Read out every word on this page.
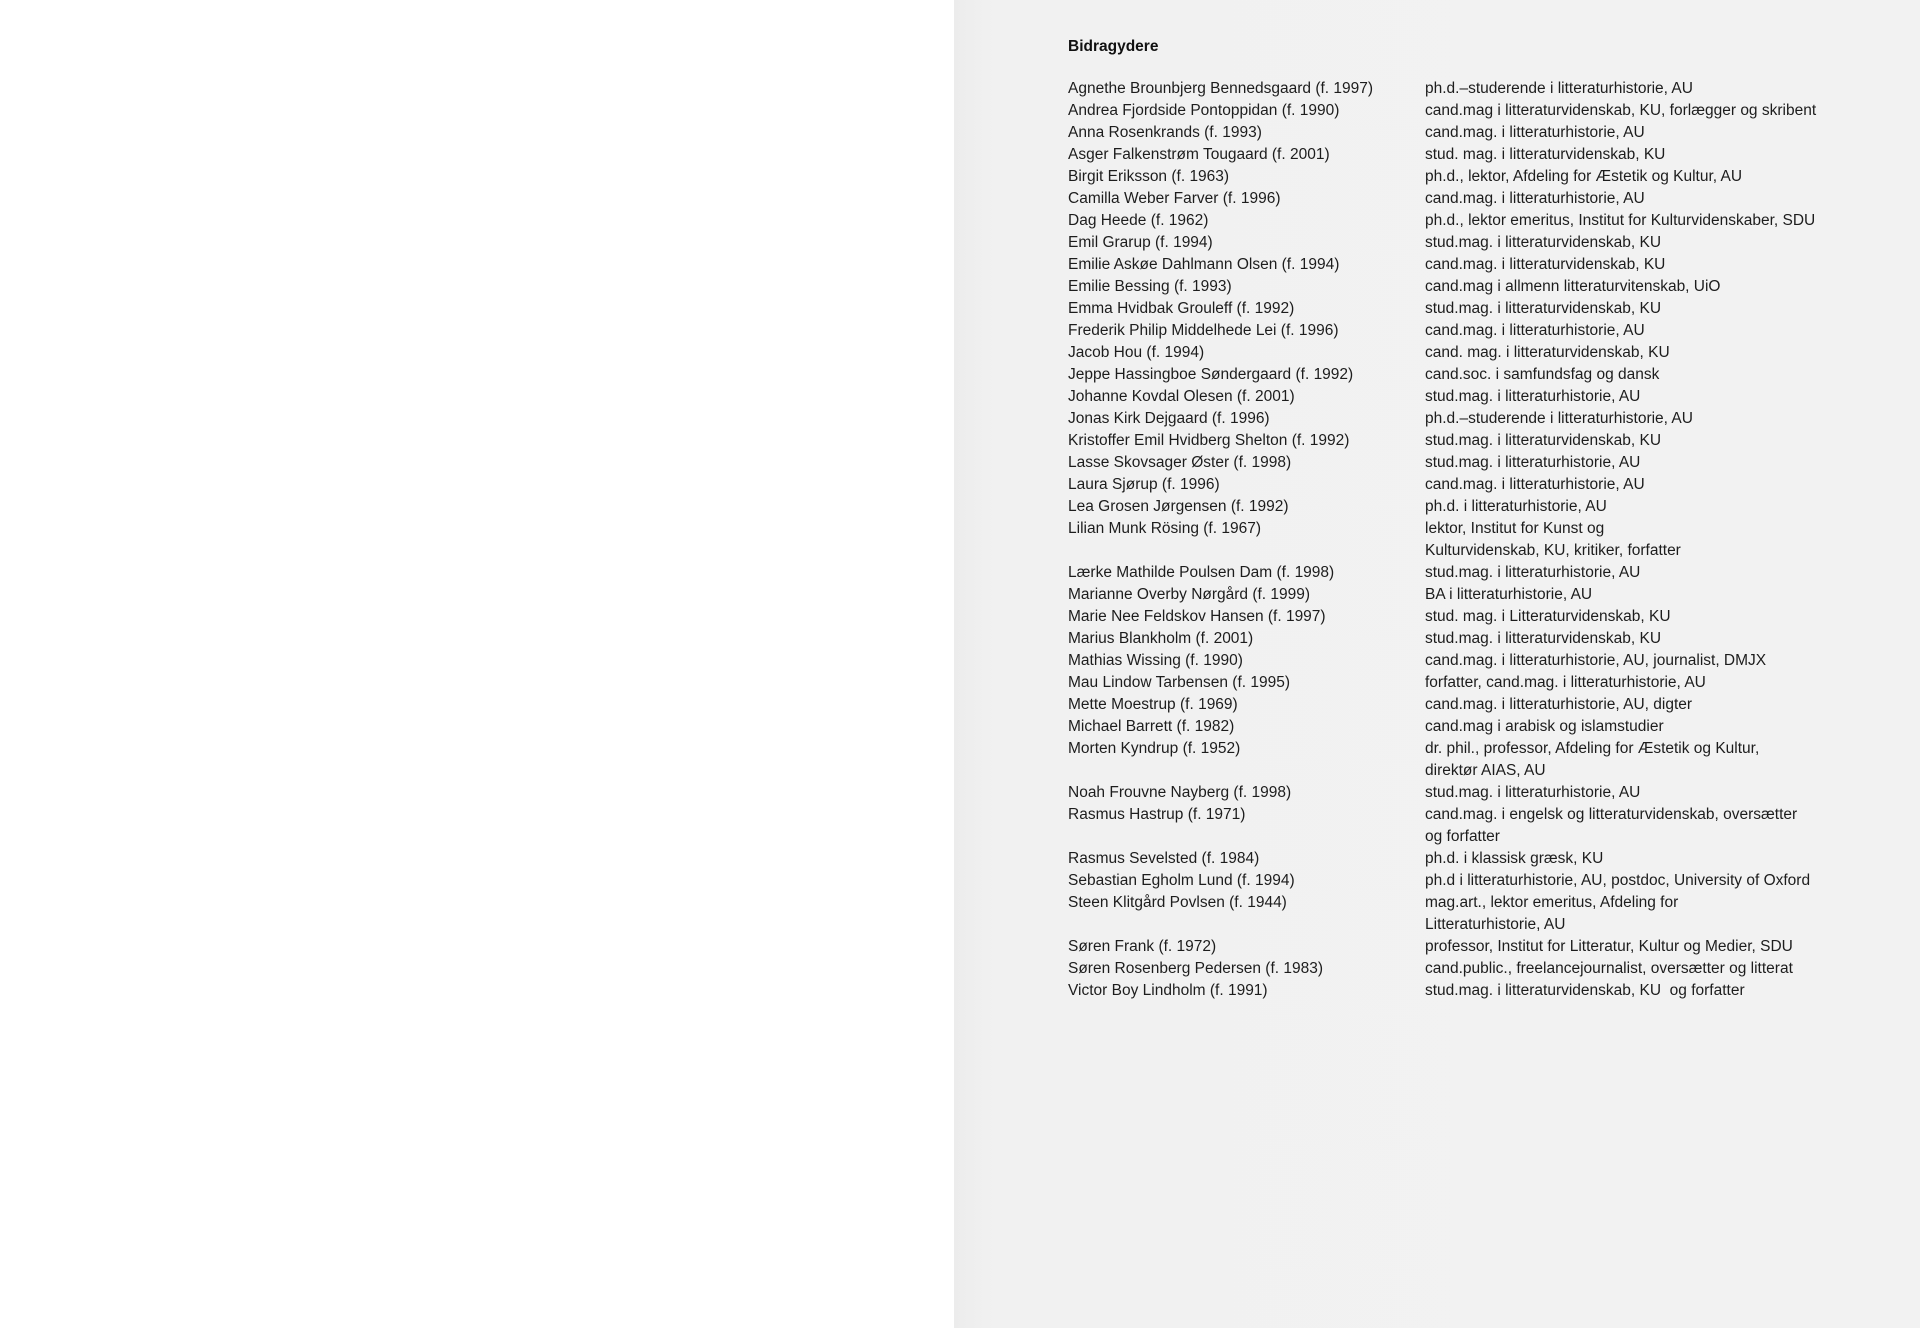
Bidragydere
Agnethe Brounbjerg Bennedsgaard (f. 1997)	ph.d.–studerende i litteraturhistorie, AU
Andrea Fjordside Pontoppidan (f. 1990)	cand.mag i litteraturvidenskab, KU, forlægger og skribent
Anna Rosenkrands (f. 1993)	cand.mag. i litteraturhistorie, AU
Asger Falkenstrøm Tougaard (f. 2001)	stud. mag. i litteraturvidenskab, KU
Birgit Eriksson (f. 1963)	ph.d., lektor, Afdeling for Æstetik og Kultur, AU
Camilla Weber Farver (f. 1996)	cand.mag. i litteraturhistorie, AU
Dag Heede (f. 1962)	ph.d., lektor emeritus, Institut for Kulturvidenskaber, SDU
Emil Grarup (f. 1994)	stud.mag. i litteraturvidenskab, KU
Emilie Askøe Dahlmann Olsen (f. 1994)	cand.mag. i litteraturvidenskab, KU
Emilie Bessing (f. 1993)	cand.mag i allmenn litteraturvitenskab, UiO
Emma Hvidbak Grouleff (f. 1992)	stud.mag. i litteraturvidenskab, KU
Frederik Philip Middelhede Lei (f. 1996)	cand.mag. i litteraturhistorie, AU
Jacob Hou (f. 1994)	cand. mag. i litteraturvidenskab, KU
Jeppe Hassingboe Søndergaard (f. 1992)	cand.soc. i samfundsfag og dansk
Johanne Kovdal Olesen (f. 2001)	stud.mag. i litteraturhistorie, AU
Jonas Kirk Dejgaard (f. 1996)	ph.d.–studerende i litteraturhistorie, AU
Kristoffer Emil Hvidberg Shelton (f. 1992)	stud.mag. i litteraturvidenskab, KU
Lasse Skovsager Øster (f. 1998)	stud.mag. i litteraturhistorie, AU
Laura Sjørup (f. 1996)	cand.mag. i litteraturhistorie, AU
Lea Grosen Jørgensen (f. 1992)	ph.d. i litteraturhistorie, AU
Lilian Munk Rösing (f. 1967)	lektor, Institut for Kunst og
Kulturvidenskab, KU, kritiker, forfatter
Lærke Mathilde Poulsen Dam (f. 1998)	stud.mag. i litteraturhistorie, AU
Marianne Overby Nørgård (f. 1999)	BA i litteraturhistorie, AU
Marie Nee Feldskov Hansen (f. 1997)	stud. mag. i Litteraturvidenskab, KU
Marius Blankholm (f. 2001)	stud.mag. i litteraturvidenskab, KU
Mathias Wissing (f. 1990)	cand.mag. i litteraturhistorie, AU, journalist, DMJX
Mau Lindow Tarbensen (f. 1995)	forfatter, cand.mag. i litteraturhistorie, AU
Mette Moestrup (f. 1969)	cand.mag. i litteraturhistorie, AU, digter
Michael Barrett (f. 1982)	cand.mag i arabisk og islamstudier
Morten Kyndrup (f. 1952)	dr. phil., professor, Afdeling for Æstetik og Kultur,
direktør AIAS, AU
Noah Frouvne Nayberg (f. 1998)	stud.mag. i litteraturhistorie, AU
Rasmus Hastrup (f. 1971)	cand.mag. i engelsk og litteraturvidenskab, oversætter
og forfatter
Rasmus Sevelsted (f. 1984)	ph.d. i klassisk græsk, KU
Sebastian Egholm Lund (f. 1994)	ph.d i litteraturhistorie, AU, postdoc, University of Oxford
Steen Klitgård Povlsen (f. 1944)	mag.art., lektor emeritus, Afdeling for
Litteraturhistorie, AU
Søren Frank (f. 1972)	professor, Institut for Litteratur, Kultur og Medier, SDU
Søren Rosenberg Pedersen (f. 1983)	cand.public., freelancejournalist, oversætter og litterat
Victor Boy Lindholm (f. 1991)	stud.mag. i litteraturvidenskab, KU  og forfatter
